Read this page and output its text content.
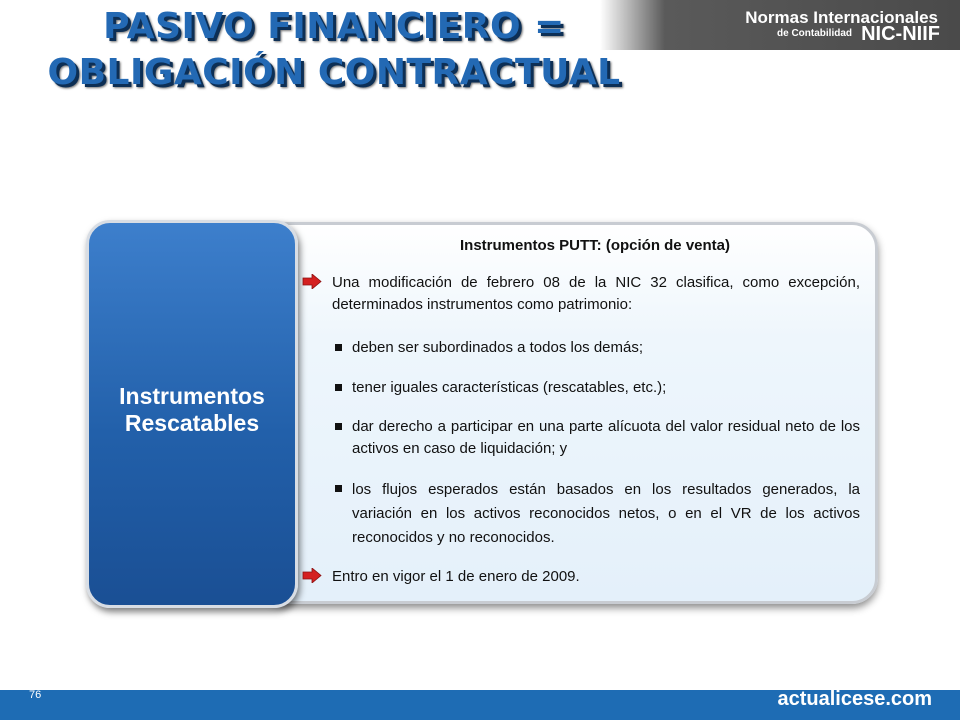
PASIVO FINANCIERO =
OBLIGACIÓN CONTRACTUAL
Normas Internacionales
de Contabilidad NIC-NIIF
Instrumentos
Rescatables
Instrumentos PUTT: (opción de venta)
Una modificación de febrero 08 de la NIC 32 clasifica, como excepción, determinados instrumentos como patrimonio:
deben ser subordinados a todos los demás;
tener iguales características (rescatables, etc.);
dar derecho a participar en una parte alícuota del valor residual neto de los activos en caso de liquidación; y
los flujos esperados están basados en los resultados generados, la variación en los activos reconocidos netos, o en el VR de los activos reconocidos y no reconocidos.
Entro en vigor el 1 de enero de 2009.
76	actualicese.com
